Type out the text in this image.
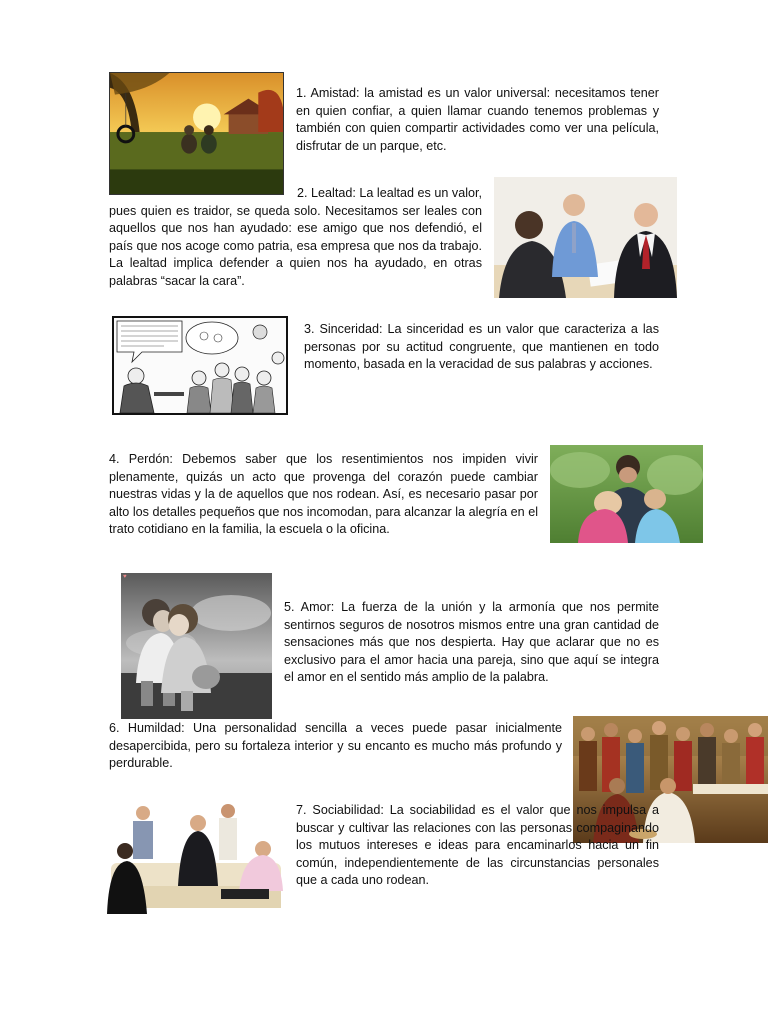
1. Amistad: la amistad es un valor universal: necesitamos tener en quien confiar, a quien llamar cuando tenemos problemas y también con quien compartir actividades como ver una película, disfrutar de un parque, etc.

2. Lealtad: La lealtad es un valor, pues quien es traidor, se queda solo. Necesitamos ser leales con aquellos que nos han ayudado: ese amigo que nos defendió, el país que nos acoge como patria, esa empresa que nos da trabajo. La lealtad implica defender a quien nos ha ayudado, en otras palabras “sacar la cara”.

3. Sinceridad: La sinceridad es un valor que caracteriza a las personas por su actitud congruente, que mantienen en todo momento, basada en la veracidad de sus palabras y acciones.

4. Perdón: Debemos saber que los resentimientos nos impiden vivir plenamente, quizás un acto que provenga del corazón puede cambiar nuestras vidas y la de aquellos que nos rodean. Así, es necesario pasar por alto los detalles pequeños que nos incomodan, para alcanzar la alegría en el trato cotidiano en la familia, la escuela o la oficina.

♥

5. Amor: La fuerza de la unión y la armonía que nos permite sentirnos seguros de nosotros mismos entre una gran cantidad de sensaciones más que nos despierta. Hay que aclarar que no es exclusivo para el amor hacia una pareja, sino que aquí se integra el amor en el sentido más amplio de la palabra.

6. Humildad: Una personalidad sencilla a veces puede pasar inicialmente desapercibida, pero su fortaleza interior y su encanto es mucho más profundo y perdurable.

7. Sociabilidad: La sociabilidad es el valor que nos impulsa a buscar y cultivar las relaciones con las personas compaginando los mutuos intereses e ideas para encaminarlos hacia un fin común, independientemente de las circunstancias personales que a cada uno rodean.
